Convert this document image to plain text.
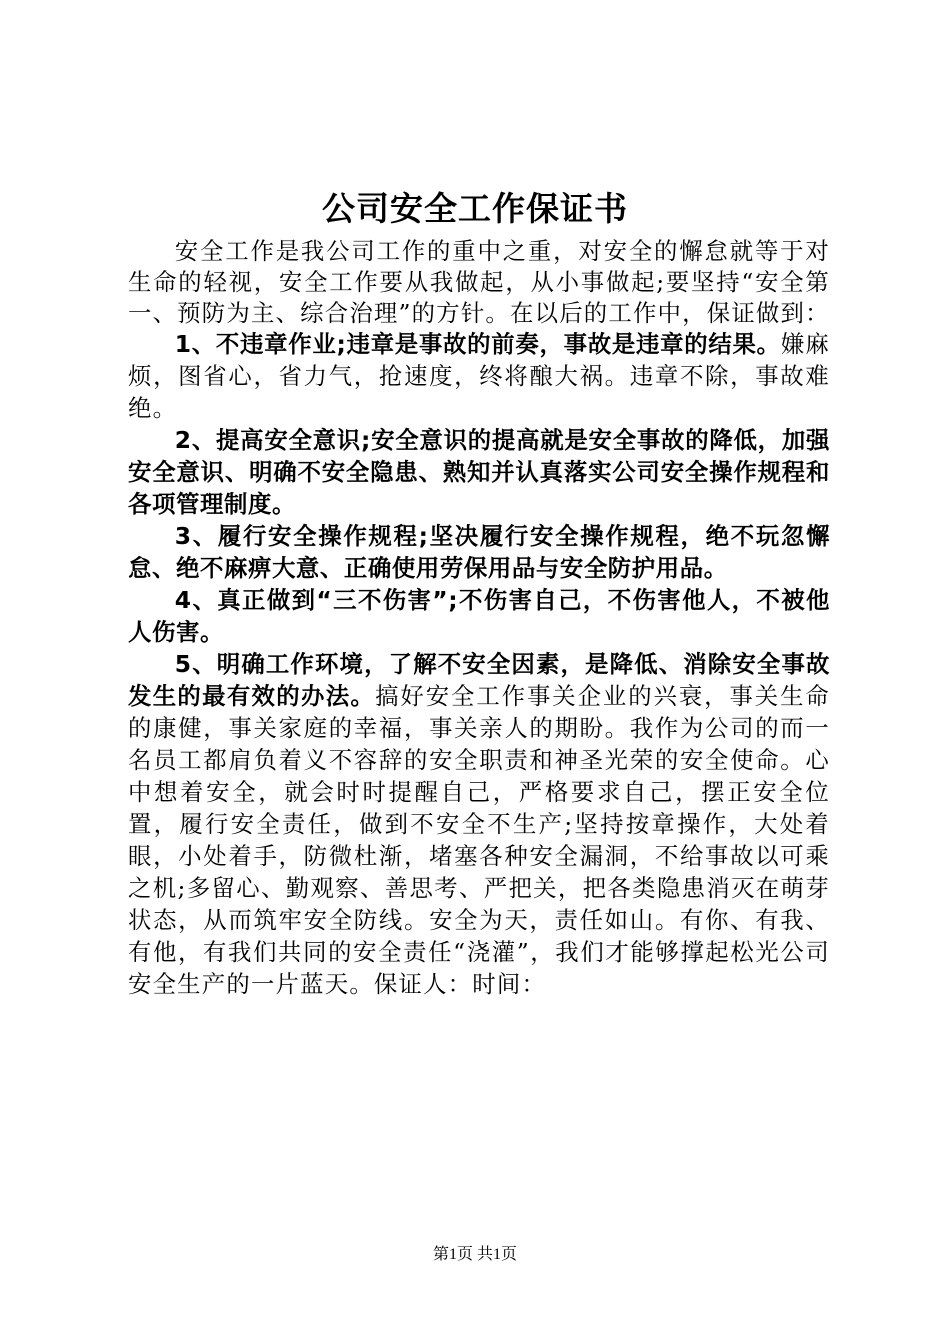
公司安全工作保证书

安全工作是我公司工作的重中之重，对安全的懈怠就等于对生命的轻视，安全工作要从我做起，从小事做起;要坚持“安全第一、预防为主、综合治理”的方针。在以后的工作中，保证做到：

1、不违章作业;违章是事故的前奏，事故是违章的结果。嫌麻烦，图省心，省力气，抢速度，终将酿大祸。违章不除，事故难绝。

2、提高安全意识;安全意识的提高就是安全事故的降低，加强安全意识、明确不安全隐患、熟知并认真落实公司安全操作规程和各项管理制度。

3、履行安全操作规程;坚决履行安全操作规程，绝不玩忽懈怠、绝不麻痹大意、正确使用劳保用品与安全防护用品。

4、真正做到“三不伤害”;不伤害自己，不伤害他人，不被他人伤害。

5、明确工作环境，了解不安全因素，是降低、消除安全事故发生的最有效的办法。搞好安全工作事关企业的兴衰，事关生命的康健，事关家庭的幸福，事关亲人的期盼。我作为公司的而一名员工都肩负着义不容辞的安全职责和神圣光荣的安全使命。心中想着安全，就会时时提醒自己，严格要求自己，摆正安全位置，履行安全责任，做到不安全不生产;坚持按章操作，大处着眼，小处着手，防微杜渐，堵塞各种安全漏洞，不给事故以可乘之机;多留心、勤观察、善思考、严把关，把各类隐患消灭在萌芽状态，从而筑牢安全防线。安全为天，责任如山。有你、有我、有他，有我们共同的安全责任“浇灌”，我们才能够撑起松光公司安全生产的一片蓝天。保证人：时间：

第1页 共1页
